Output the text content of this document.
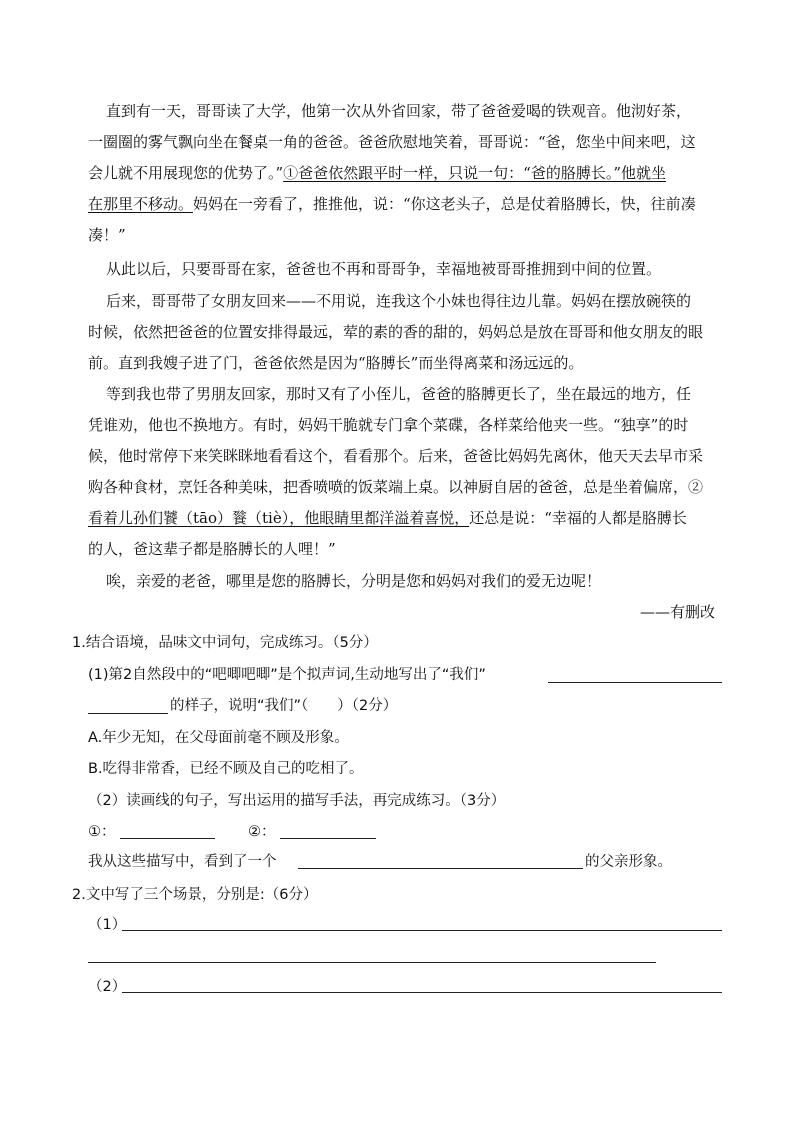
直到有一天，哥哥读了大学，他第一次从外省回家，带了爸爸爱喝的铁观音。他沏好茶，
一圈圈的雾气飘向坐在餐桌一角的爸爸。爸爸欣慰地笑着，哥哥说：“爸，您坐中间来吧，这
会儿就不用展现您的优势了。”①爸爸依然跟平时一样，只说一句：“爸的胳膊长。”他就坐
在那里不移动。妈妈在一旁看了，推推他，说：“你这老头子，总是仗着胳膊长，快，往前凑
凑！”
从此以后，只要哥哥在家，爸爸也不再和哥哥争，幸福地被哥哥推拥到中间的位置。
后来，哥哥带了女朋友回来——不用说，连我这个小妹也得往边儿靠。妈妈在摆放碗筷的
时候，依然把爸爸的位置安排得最远，荤的素的香的甜的，妈妈总是放在哥哥和他女朋友的眼
前。直到我嫂子进了门，爸爸依然是因为“胳膊长”而坐得离菜和汤远远的。
等到我也带了男朋友回家，那时又有了小侄儿，爸爸的胳膊更长了，坐在最远的地方，任
凭谁劝，他也不换地方。有时，妈妈干脆就专门拿个菜碟，各样菜给他夹一些。“独享”的时
候，他时常停下来笑眯眯地看看这个，看看那个。后来，爸爸比妈妈先离休，他天天去早市采
购各种食材，烹饪各种美味，把香喷喷的饭菜端上桌。以神厨自居的爸爸，总是坐着偏席，②
看着儿孙们饕（tāo）餮（tiè），他眼睛里都洋溢着喜悦，还总是说：“幸福的人都是胳膊长
的人，爸这辈子都是胳膊长的人哩！”
唉，亲爱的老爸，哪里是您的胳膊长，分明是您和妈妈对我们的爱无边呢！
——有删改
1.结合语境，品味文中词句，完成练习。（5分）
(1)第2自然段中的“吧唧吧唧”是个拟声词,生动地写出了“我们”
的样子，说明“我们”（　　）（2分）
A.年少无知，在父母面前毫不顾及形象。
B.吃得非常香，已经不顾及自己的吃相了。
（2）读画线的句子，写出运用的描写手法，再完成练习。（3分）
①：	②：
我从这些描写中，看到了一个	的父亲形象。
2.文中写了三个场景，分别是:（6分）
（1）
（2）
